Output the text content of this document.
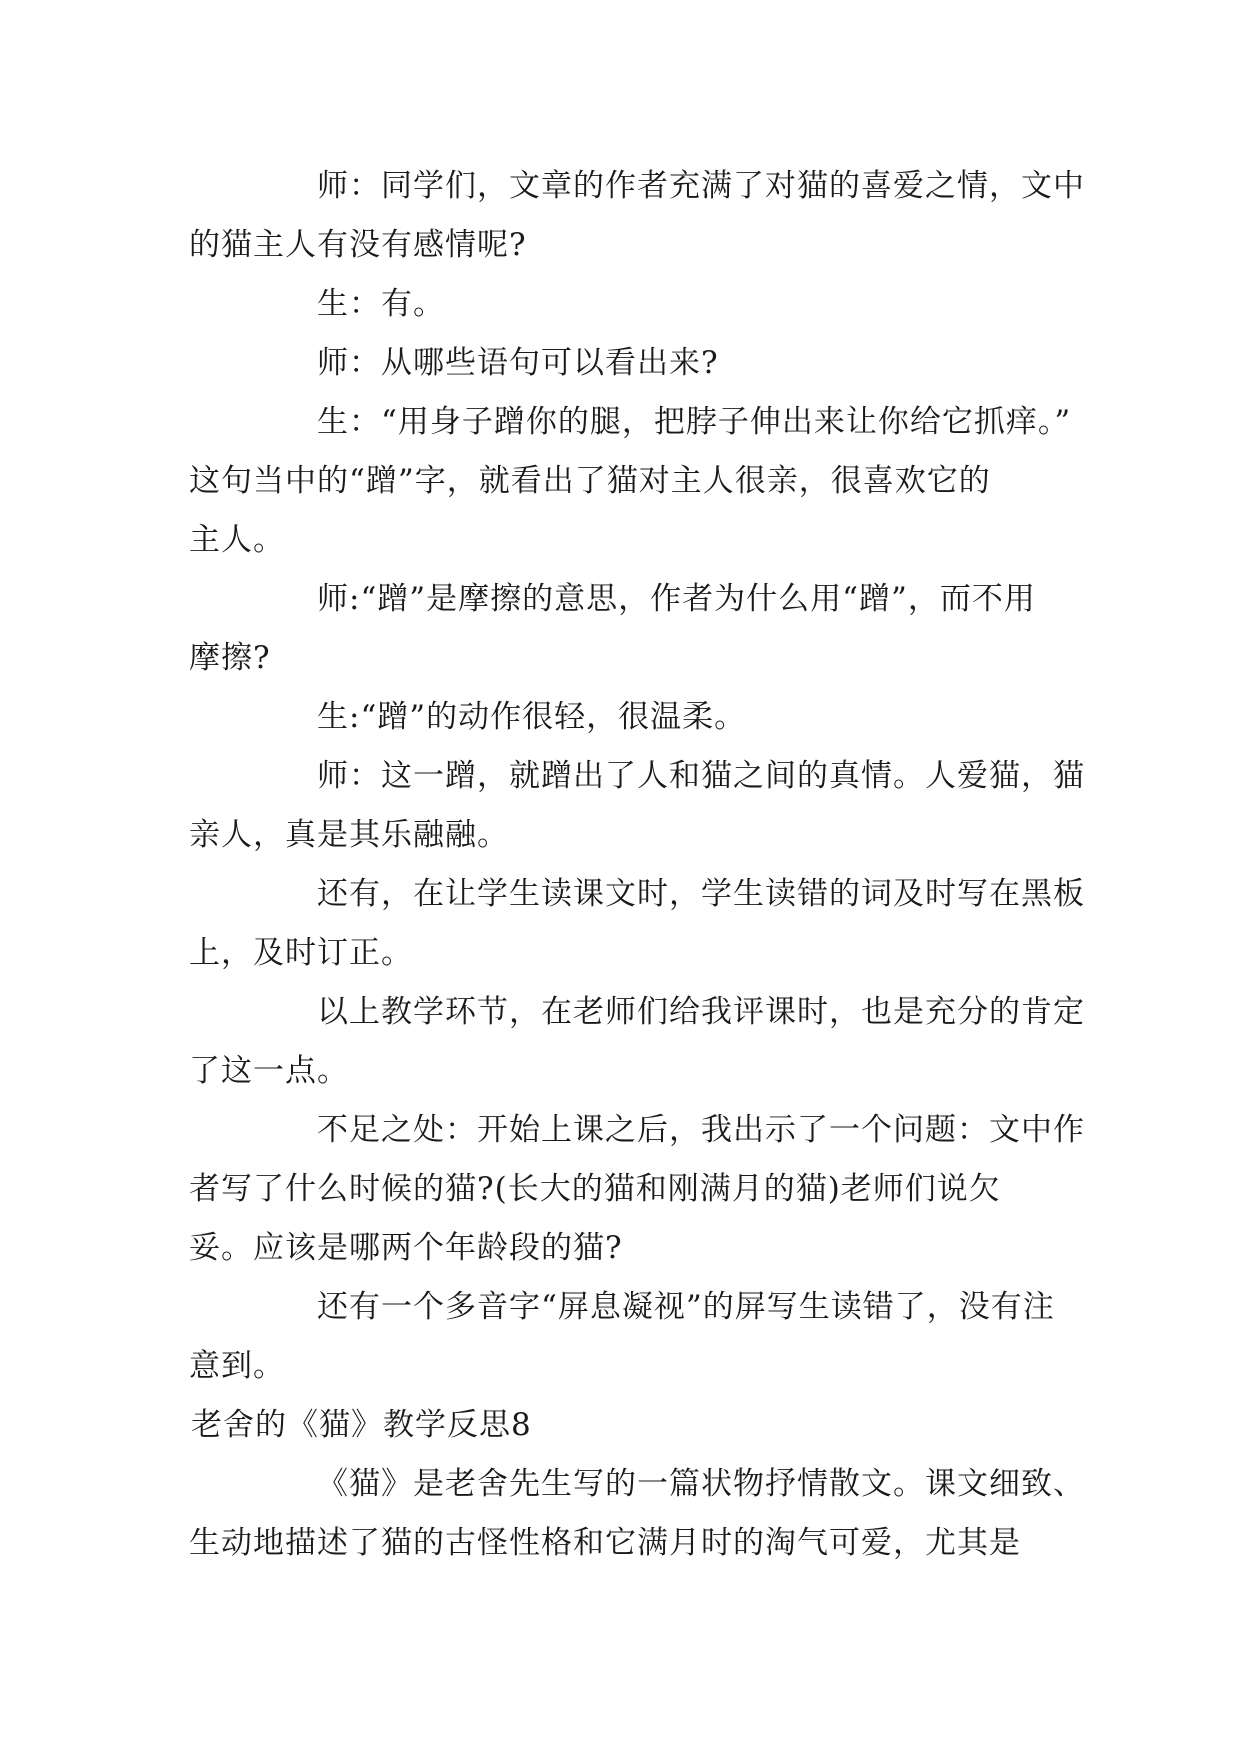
师：同学们，文章的作者充满了对猫的喜爱之情，文中
的猫主人有没有感情呢?

生：有。

师：从哪些语句可以看出来?

生：“用身子蹭你的腿，把脖子伸出来让你给它抓痒。”
这句当中的“蹭”字，就看出了猫对主人很亲，很喜欢它的
主人。

师:“蹭”是摩擦的意思，作者为什么用“蹭”，而不用
摩擦?

生:“蹭”的动作很轻，很温柔。

师：这一蹭，就蹭出了人和猫之间的真情。人爱猫，猫
亲人，真是其乐融融。

还有，在让学生读课文时，学生读错的词及时写在黑板
上，及时订正。

以上教学环节，在老师们给我评课时，也是充分的肯定
了这一点。

不足之处：开始上课之后，我出示了一个问题：文中作
者写了什么时候的猫?(长大的猫和刚满月的猫)老师们说欠
妥。应该是哪两个年龄段的猫?

还有一个多音字“屏息凝视”的屏写生读错了，没有注
意到。

老舍的《猫》教学反思8

《猫》是老舍先生写的一篇状物抒情散文。课文细致、
生动地描述了猫的古怪性格和它满月时的淘气可爱，尤其是
